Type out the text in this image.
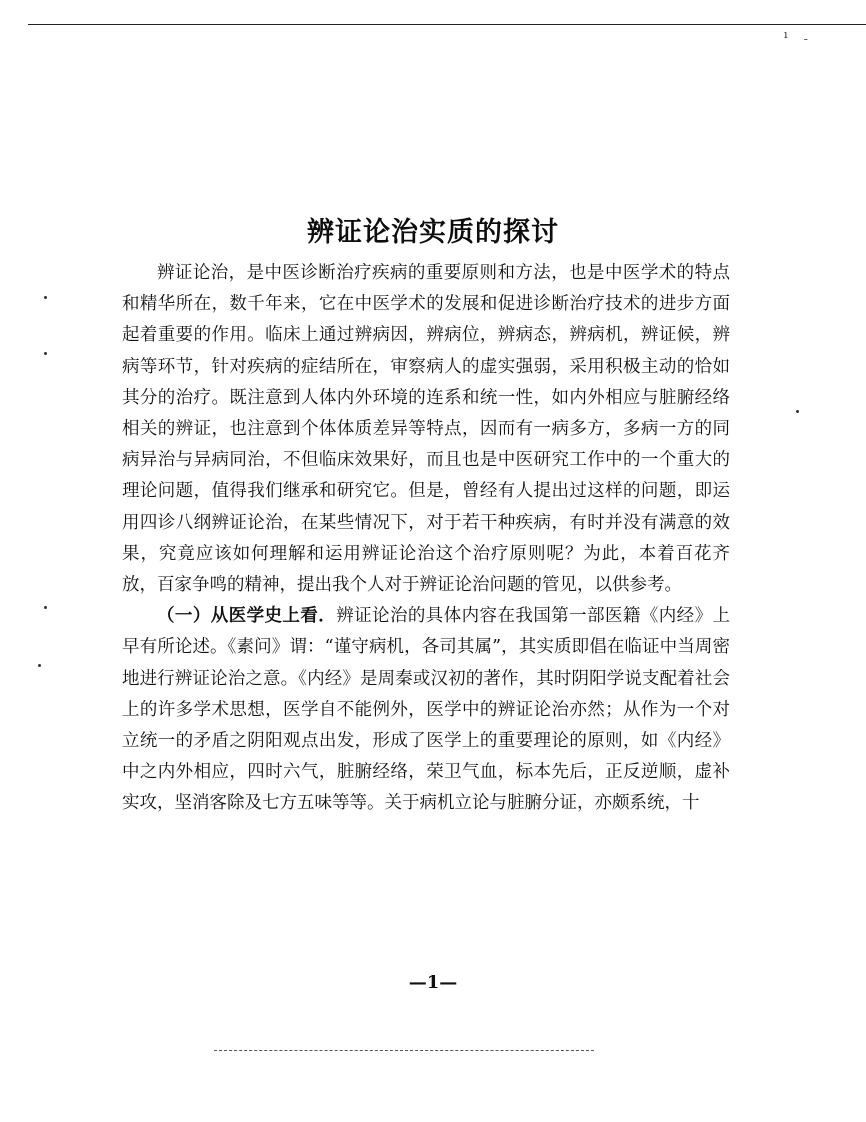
ı ˍ
辨证论治实质的探讨

辨证论治，是中医诊断治疗疾病的重要原则和方法，也是中医学术的特点和精华所在，数千年来，它在中医学术的发展和促进诊断治疗技术的进步方面起着重要的作用。临床上通过辨病因，辨病位，辨病态，辨病机，辨证候，辨病等环节，针对疾病的症结所在，审察病人的虚实强弱，采用积极主动的恰如其分的治疗。既注意到人体内外环境的连系和统一性，如内外相应与脏腑经络相关的辨证，也注意到个体体质差异等特点，因而有一病多方，多病一方的同病异治与异病同治，不但临床效果好，而且也是中医研究工作中的一个重大的理论问题，值得我们继承和研究它。但是，曾经有人提出过这样的问题，即运用四诊八纲辨证论治，在某些情况下，对于若干种疾病，有时并没有满意的效果，究竟应该如何理解和运用辨证论治这个治疗原则呢？为此，本着百花齐放，百家争鸣的精神，提出我个人对于辨证论治问题的管见，以供参考。

（一）从医学史上看．辨证论治的具体内容在我国第一部医籍《内经》上早有所论述。《素问》谓：“谨守病机，各司其属”，其实质即倡在临证中当周密地进行辨证论治之意。《内经》是周秦或汉初的著作，其时阴阳学说支配着社会上的许多学术思想，医学自不能例外，医学中的辨证论治亦然；从作为一个对立统一的矛盾之阴阳观点出发，形成了医学上的重要理论的原则，如《内经》中之内外相应，四时六气，脏腑经络，荣卫气血，标本先后，正反逆顺，虚补实攻，坚消客除及七方五味等等。关于病机立论与脏腑分证，亦颇系统，十

—1—
